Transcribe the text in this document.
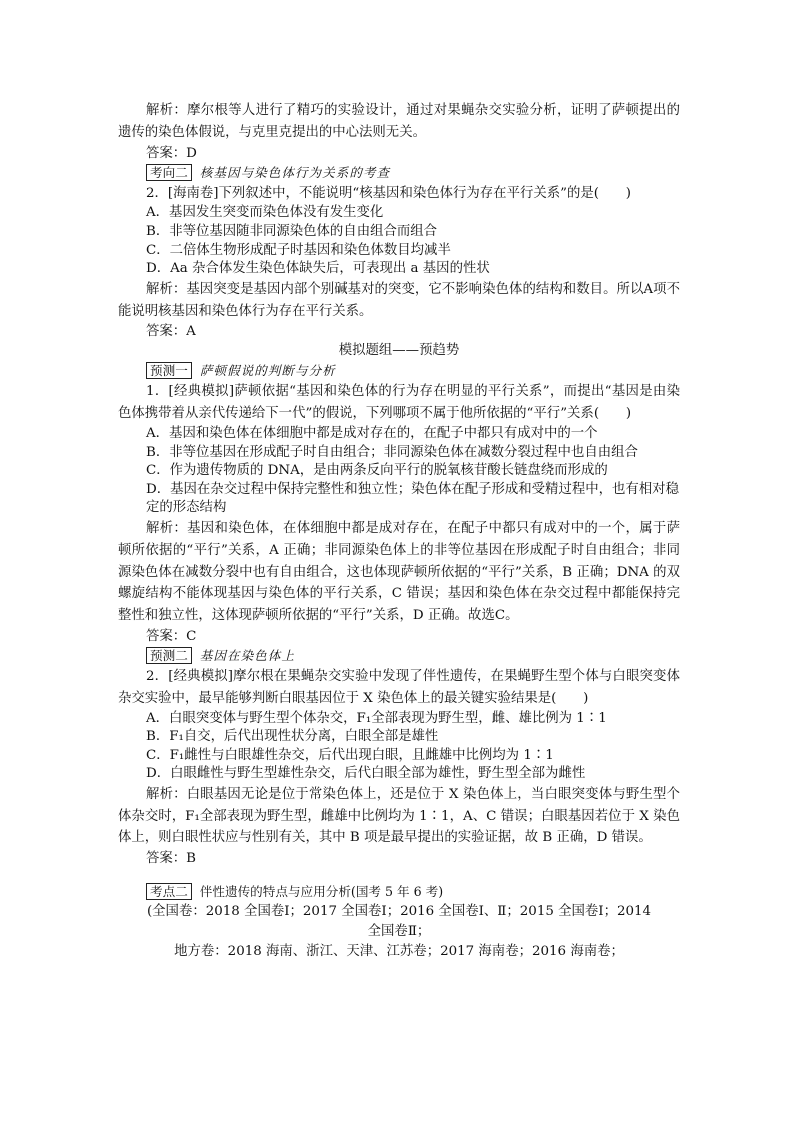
解析：摩尔根等人进行了精巧的实验设计，通过对果蝇杂交实验分析，证明了萨顿提出的遗传的染色体假说，与克里克提出的中心法则无关。

答案：D

考向二 核基因与染色体行为关系的考查

2．[海南卷]下列叙述中，不能说明“核基因和染色体行为存在平行关系”的是(　　)

A．基因发生突变而染色体没有发生变化

B．非等位基因随非同源染色体的自由组合而组合

C．二倍体生物形成配子时基因和染色体数目均减半

D．Aa 杂合体发生染色体缺失后，可表现出 a 基因的性状

解析：基因突变是基因内部个别碱基对的突变，它不影响染色体的结构和数目。所以A项不能说明核基因和染色体行为存在平行关系。

答案：A

模拟题组——预趋势

预测一 萨顿假说的判断与分析

1．[经典模拟]萨顿依据“基因和染色体的行为存在明显的平行关系”，而提出“基因是由染色体携带着从亲代传递给下一代”的假说，下列哪项不属于他所依据的“平行”关系(　　)

A．基因和染色体在体细胞中都是成对存在的，在配子中都只有成对中的一个

B．非等位基因在形成配子时自由组合；非同源染色体在减数分裂过程中也自由组合

C．作为遗传物质的 DNA，是由两条反向平行的脱氧核苷酸长链盘绕而形成的

D．基因在杂交过程中保持完整性和独立性；染色体在配子形成和受精过程中，也有相对稳定的形态结构

解析：基因和染色体，在体细胞中都是成对存在，在配子中都只有成对中的一个，属于萨顿所依据的“平行”关系，A 正确；非同源染色体上的非等位基因在形成配子时自由组合；非同源染色体在减数分裂中也有自由组合，这也体现萨顿所依据的“平行”关系，B 正确；DNA 的双螺旋结构不能体现基因与染色体的平行关系，C 错误；基因和染色体在杂交过程中都能保持完整性和独立性，这体现萨顿所依据的“平行”关系，D 正确。故选C。

答案：C

预测二 基因在染色体上

2．[经典模拟]摩尔根在果蝇杂交实验中发现了伴性遗传，在果蝇野生型个体与白眼突变体杂交实验中，最早能够判断白眼基因位于 X 染色体上的最关键实验结果是(　　)

A．白眼突变体与野生型个体杂交，F₁全部表现为野生型，雌、雄比例为 1∶1

B．F₁自交，后代出现性状分离，白眼全部是雄性

C．F₁雌性与白眼雄性杂交，后代出现白眼，且雌雄中比例均为 1∶1

D．白眼雌性与野生型雄性杂交，后代白眼全部为雄性，野生型全部为雌性

解析：白眼基因无论是位于常染色体上，还是位于 X 染色体上，当白眼突变体与野生型个体杂交时，F₁全部表现为野生型，雌雄中比例均为 1∶1，A、C 错误；白眼基因若位于 X 染色体上，则白眼性状应与性别有关，其中 B 项是最早提出的实验证据，故 B 正确，D 错误。

答案：B

考点二 伴性遗传的特点与应用分析(国考 5 年 6 考)

(全国卷：2018 全国卷Ⅰ；2017 全国卷Ⅰ；2016 全国卷Ⅰ、Ⅱ；2015 全国卷Ⅰ；2014

全国卷Ⅱ；

地方卷：2018 海南、浙江、天津、江苏卷；2017 海南卷；2016 海南卷；
